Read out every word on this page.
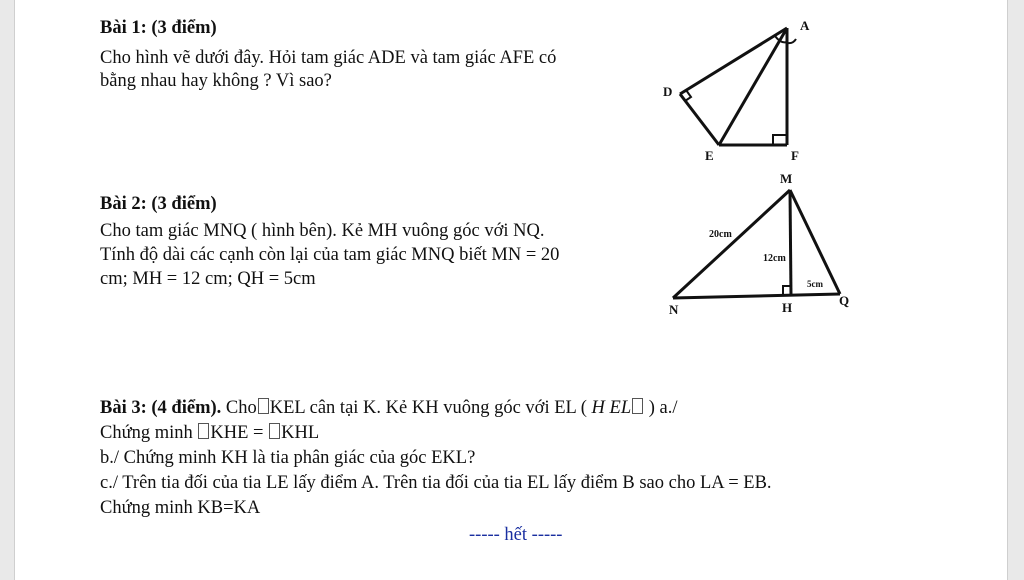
Bài 1: (3 điểm)
Cho hình vẽ dưới đây. Hỏi tam giác ADE và tam giác AFE có
bằng nhau hay không ? Vì sao?
A
D
E	F
Bài 2: (3 điểm)
Cho tam giác MNQ ( hình bên). Kẻ MH vuông góc với NQ.
Tính độ dài các cạnh còn lại của tam giác MNQ biết MN = 20
cm; MH = 12 cm; QH = 5cm
M
N	H	Q
20cm
12cm
5cm
Bài 3: (4 điểm). Cho KEL cân tại K. Kẻ KH vuông góc với EL ( H EL ) a./
Chứng minh KHE = KHL
b./ Chứng minh KH là tia phân giác của góc EKL?
c./ Trên tia đối của tia LE lấy điểm A. Trên tia đối của tia EL lấy điểm B sao cho LA = EB.
Chứng minh KB=KA
----- hết -----
